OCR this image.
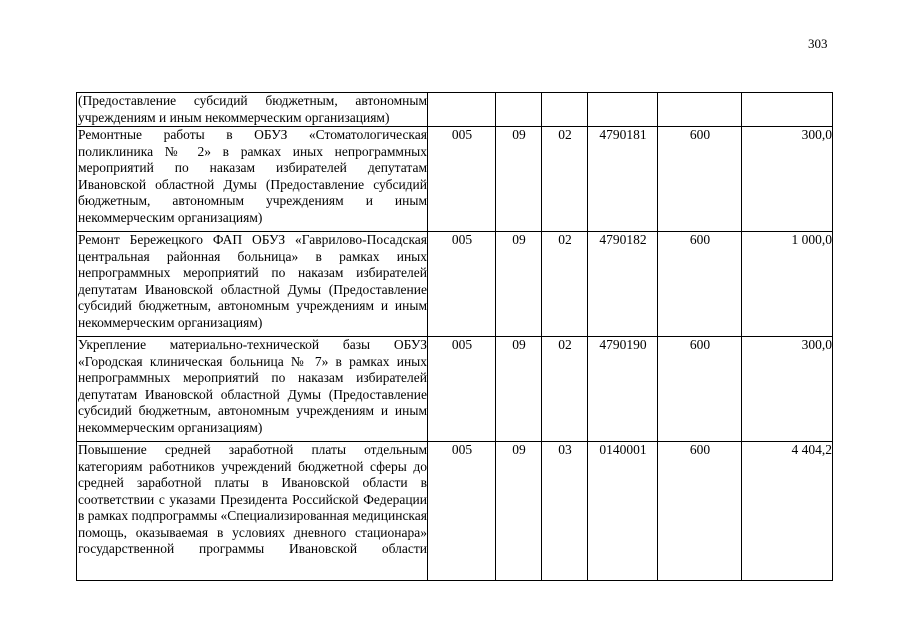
303
(Предоставление субсидий бюджетным, автономным учреждениям и иным некоммерческим организациям)						
Ремонтные работы в ОБУЗ «Стоматологическая поликлиника № 2» в рамках иных непрограммных мероприятий по наказам избирателей депутатам Ивановской областной Думы (Предоставление субсидий бюджетным, автономным учреждениям и иным некоммерческим организациям)	005	09	02	4790181	600	300,0
Ремонт Бережецкого ФАП ОБУЗ «Гаврилово-Посадская центральная районная больница» в рамках иных непрограммных мероприятий по наказам избирателей депутатам Ивановской областной Думы (Предоставление субсидий бюджетным, автономным учреждениям и иным некоммерческим организациям)	005	09	02	4790182	600	1 000,0
Укрепление материально-технической базы ОБУЗ «Городская клиническая больница № 7» в рамках иных непрограммных мероприятий по наказам избирателей депутатам Ивановской областной Думы (Предоставление субсидий бюджетным, автономным учреждениям и иным некоммерческим организациям)	005	09	02	4790190	600	300,0
Повышение средней заработной платы отдельным категориям работников учреждений бюджетной сферы до средней заработной платы в Ивановской области в соответствии с указами Президента Российской Федерации в рамках подпрограммы «Специализированная медицинская помощь, оказываемая в условиях дневного стационара» государственной программы Ивановской области	005	09	03	0140001	600	4 404,2
